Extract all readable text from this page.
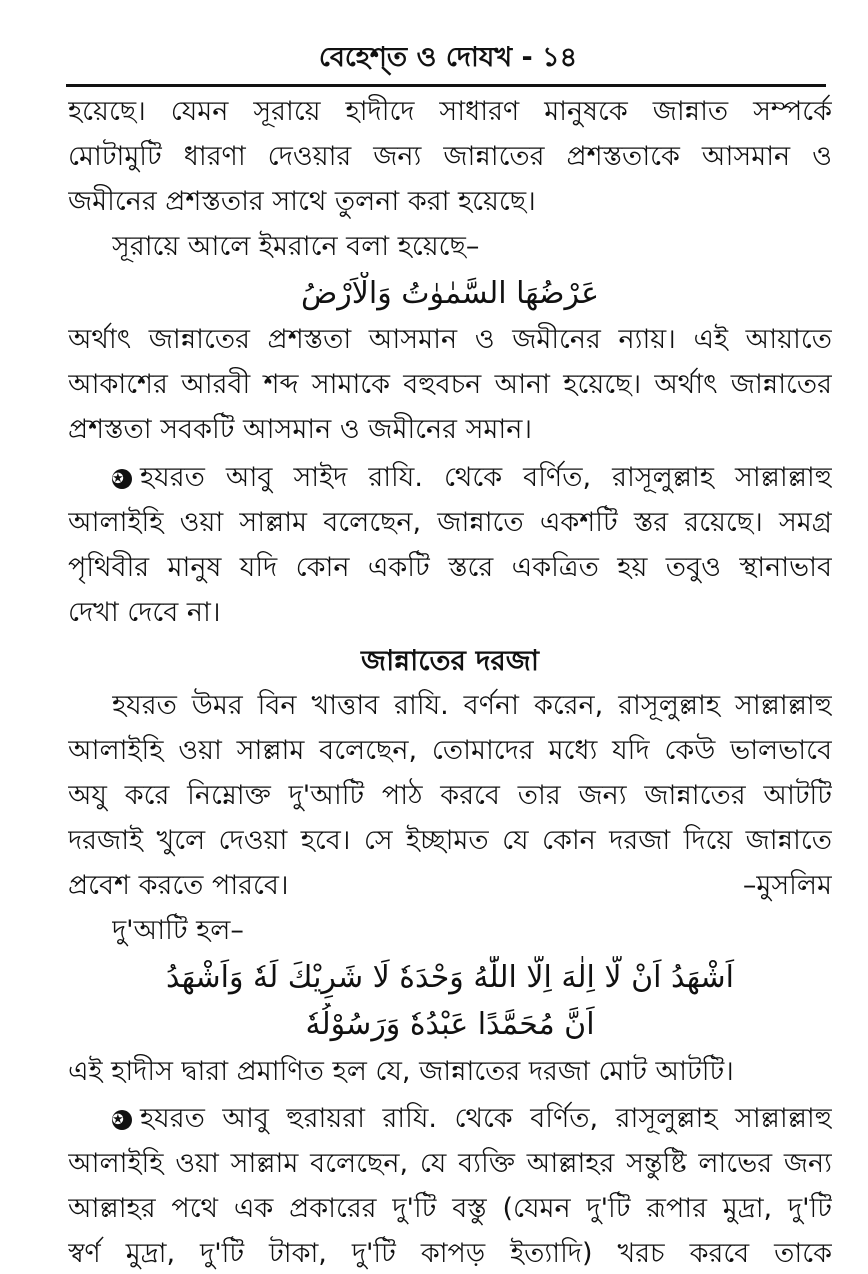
বেহেশ্‌ত ও দোযখ - ১৪
হয়েছে। যেমন সূরায়ে হাদীদে সাধারণ মানুষকে জান্নাত সম্পর্কে
মোটামুটি ধারণা দেওয়ার জন্য জান্নাতের প্রশস্ততাকে আসমান ও
জমীনের প্রশস্ততার সাথে তুলনা করা হয়েছে।
সূরায়ে আলে ইমরানে বলা হয়েছে–
عَرْضُهَا السَّمٰوٰتُ وَالْاَرْضُ
অর্থাৎ জান্নাতের প্রশস্ততা আসমান ও জমীনের ন্যায়। এই আয়াতে
আকাশের আরবী শব্দ সামাকে বহুবচন আনা হয়েছে। অর্থাৎ জান্নাতের
প্রশস্ততা সবকটি আসমান ও জমীনের সমান।
✪ হযরত আবু সাইদ রাযি. থেকে বর্ণিত, রাসূলুল্লাহ সাল্লাল্লাহু
আলাইহি ওয়া সাল্লাম বলেছেন, জান্নাতে একশটি স্তর রয়েছে। সমগ্র
পৃথিবীর মানুষ যদি কোন একটি স্তরে একত্রিত হয় তবুও স্থানাভাব
দেখা দেবে না।
জান্নাতের দরজা
হযরত উমর বিন খাত্তাব রাযি. বর্ণনা করেন, রাসূলুল্লাহ সাল্লাল্লাহু
আলাইহি ওয়া সাল্লাম বলেছেন, তোমাদের মধ্যে যদি কেউ ভালভাবে
অযু করে নিম্নোক্ত দু'আটি পাঠ করবে তার জন্য জান্নাতের আটটি
দরজাই খুলে দেওয়া হবে। সে ইচ্ছামত যে কোন দরজা দিয়ে জান্নাতে
প্রবেশ করতে পারবে।	–মুসলিম
দু'আটি হল–
اَشْهَدُ اَنْ لَّا اِلٰهَ اِلَّا اللّٰهُ وَحْدَهٗ لَا شَرِيْكَ لَهٗ وَاَشْهَدُ
اَنَّ مُحَمَّدًا عَبْدُهٗ وَرَسُوْلُهٗ
এই হাদীস দ্বারা প্রমাণিত হল যে, জান্নাতের দরজা মোট আটটি।
✪ হযরত আবু হুরায়রা রাযি. থেকে বর্ণিত, রাসূলুল্লাহ সাল্লাল্লাহু
আলাইহি ওয়া সাল্লাম বলেছেন, যে ব্যক্তি আল্লাহর সন্তুষ্টি লাভের জন্য
আল্লাহর পথে এক প্রকারের দু'টি বস্তু (যেমন দু'টি রূপার মুদ্রা, দু'টি
স্বর্ণ মুদ্রা, দু'টি টাকা, দু'টি কাপড় ইত্যাদি) খরচ করবে তাকে
